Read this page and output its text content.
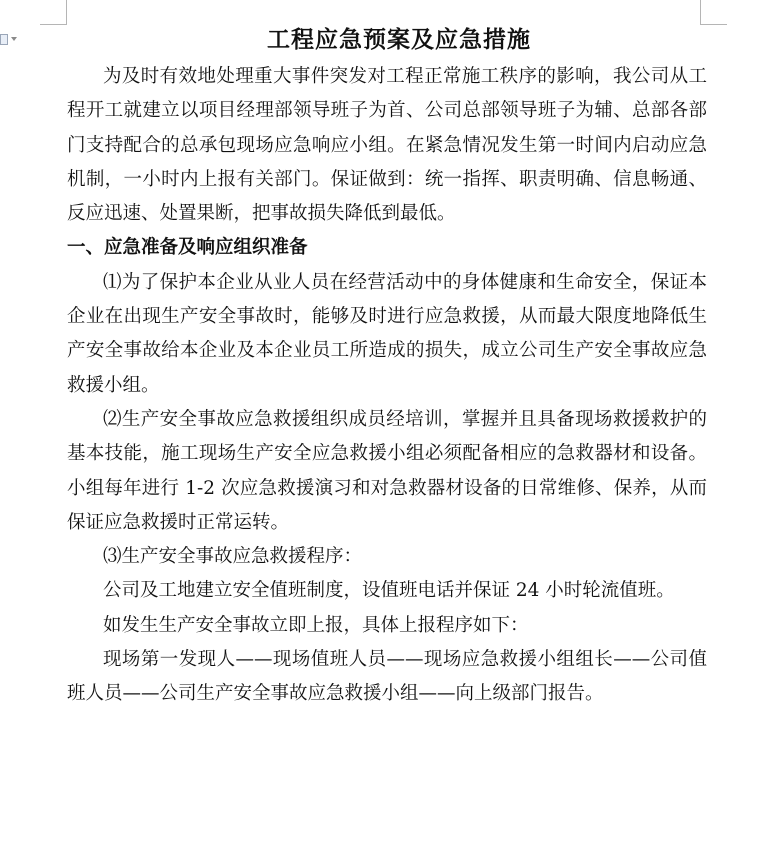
工程应急预案及应急措施

为及时有效地处理重大事件突发对工程正常施工秩序的影响，我公司从工程开工就建立以项目经理部领导班子为首、公司总部领导班子为辅、总部各部门支持配合的总承包现场应急响应小组。在紧急情况发生第一时间内启动应急机制，一小时内上报有关部门。保证做到：统一指挥、职责明确、信息畅通、反应迅速、处置果断，把事故损失降低到最低。

一、应急准备及响应组织准备

⑴为了保护本企业从业人员在经营活动中的身体健康和生命安全，保证本企业在出现生产安全事故时，能够及时进行应急救援，从而最大限度地降低生产安全事故给本企业及本企业员工所造成的损失，成立公司生产安全事故应急救援小组。

⑵生产安全事故应急救援组织成员经培训，掌握并且具备现场救援救护的基本技能，施工现场生产安全应急救援小组必须配备相应的急救器材和设备。小组每年进行 1-2 次应急救援演习和对急救器材设备的日常维修、保养，从而保证应急救援时正常运转。

⑶生产安全事故应急救援程序：

公司及工地建立安全值班制度，设值班电话并保证 24 小时轮流值班。

如发生生产安全事故立即上报，具体上报程序如下：

现场第一发现人——现场值班人员——现场应急救援小组组长——公司值班人员——公司生产安全事故应急救援小组——向上级部门报告。
